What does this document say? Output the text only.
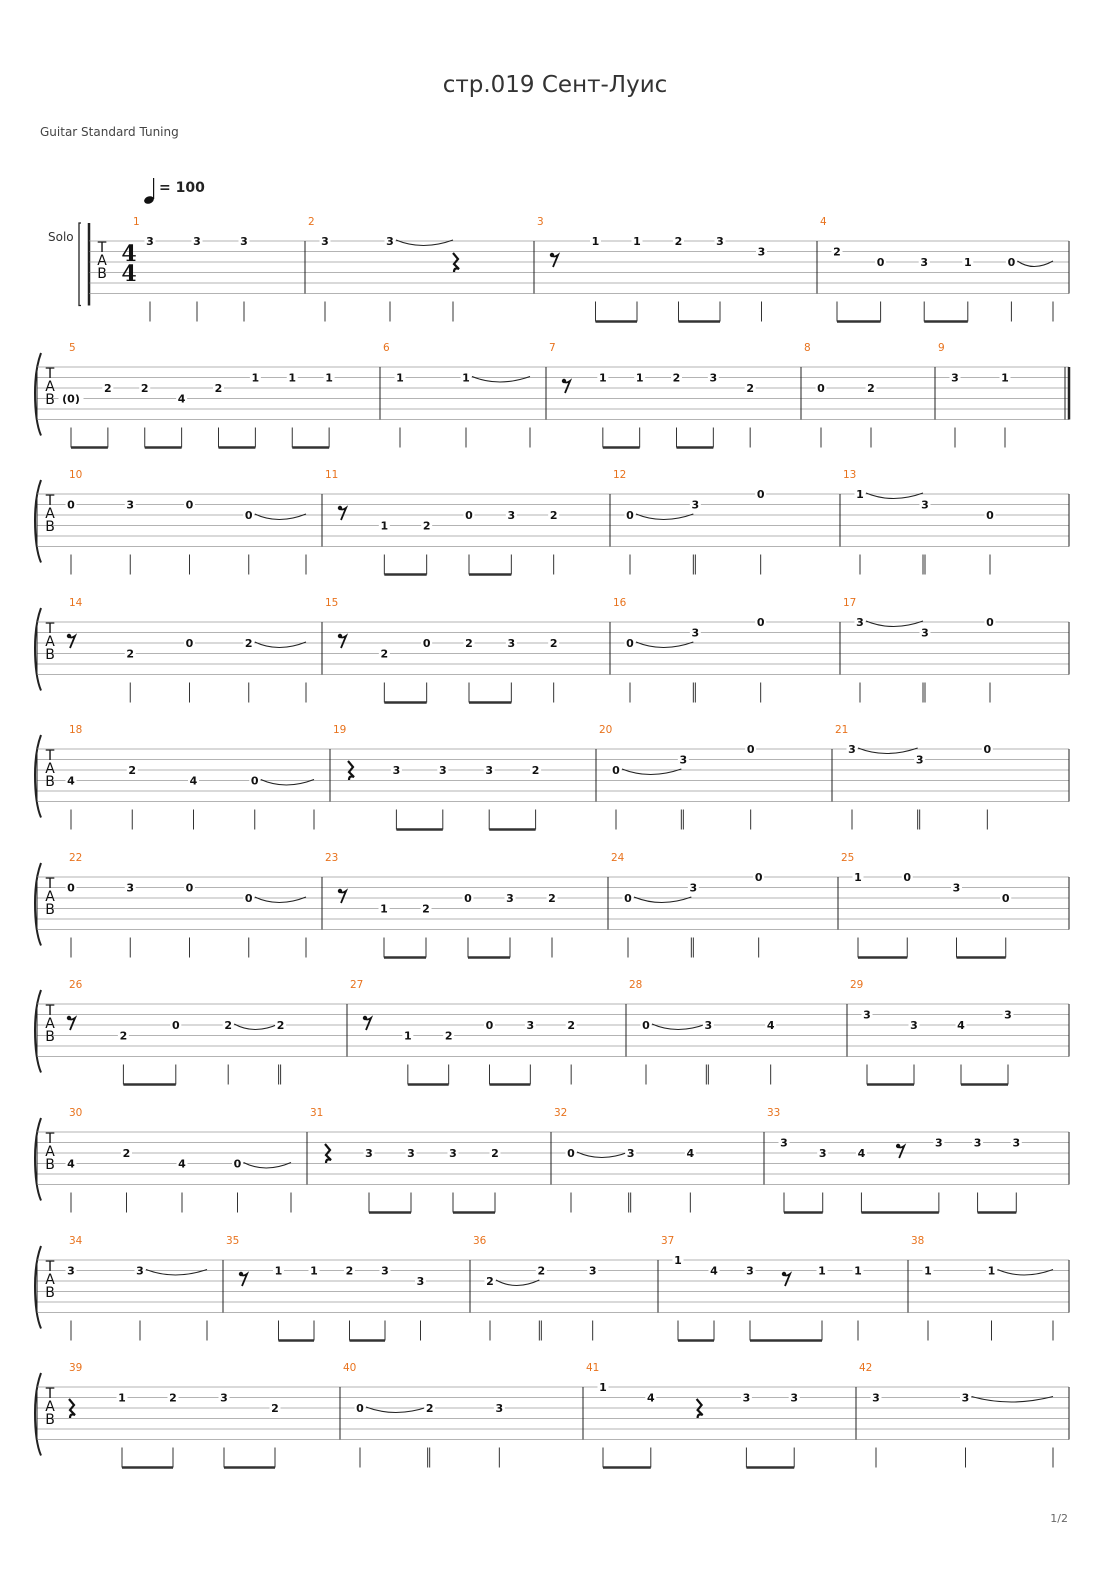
стр.019 Сент-Луис
Guitar Standard Tuning
= 100
Solo
T
A
B
4
4
1
3	3	3
2
3	3
3
1	1	2	3
3
4
2
0	3	1	0
T
A
B
5
(0)
2	2
4
2
1	1	1
6
1	1
7
1	1	2	3
2
8
0	2
9
3	1
T
A
B
10
0	3	0
0
11
1	2
0	3	2
12
0
3
0
13
1
3
0
T
A
B
14
2
0	2
15
2
0	2	3	2
16
0
3
0
17
3
3
0
T
A
B
18
4
2
4	0
19
3	3	3	2
20
0
3
0
21
3
3
0
T
A
B
22
0	3	0
0
23
1	2
0	3	2
24
0
3
0
25
1	0
3
0
T
A
B
26
2
0	2	2
27
1	2
0	3	2
28
0	3	4
29
3
3	4
3
T
A
B
30
4
2
4	0
31
3	3	3	2
32
0	3	4
33
3
3	4
3	3	3
T
A
B
34
3	3
35
1	1	2	3
3
36
2
2	3
37
1
4	3	1	1
38
1	1
T
A
B
39
1	2	3
2
40
0	2	3
41
1
4	3	3
42
3	3
1/2
